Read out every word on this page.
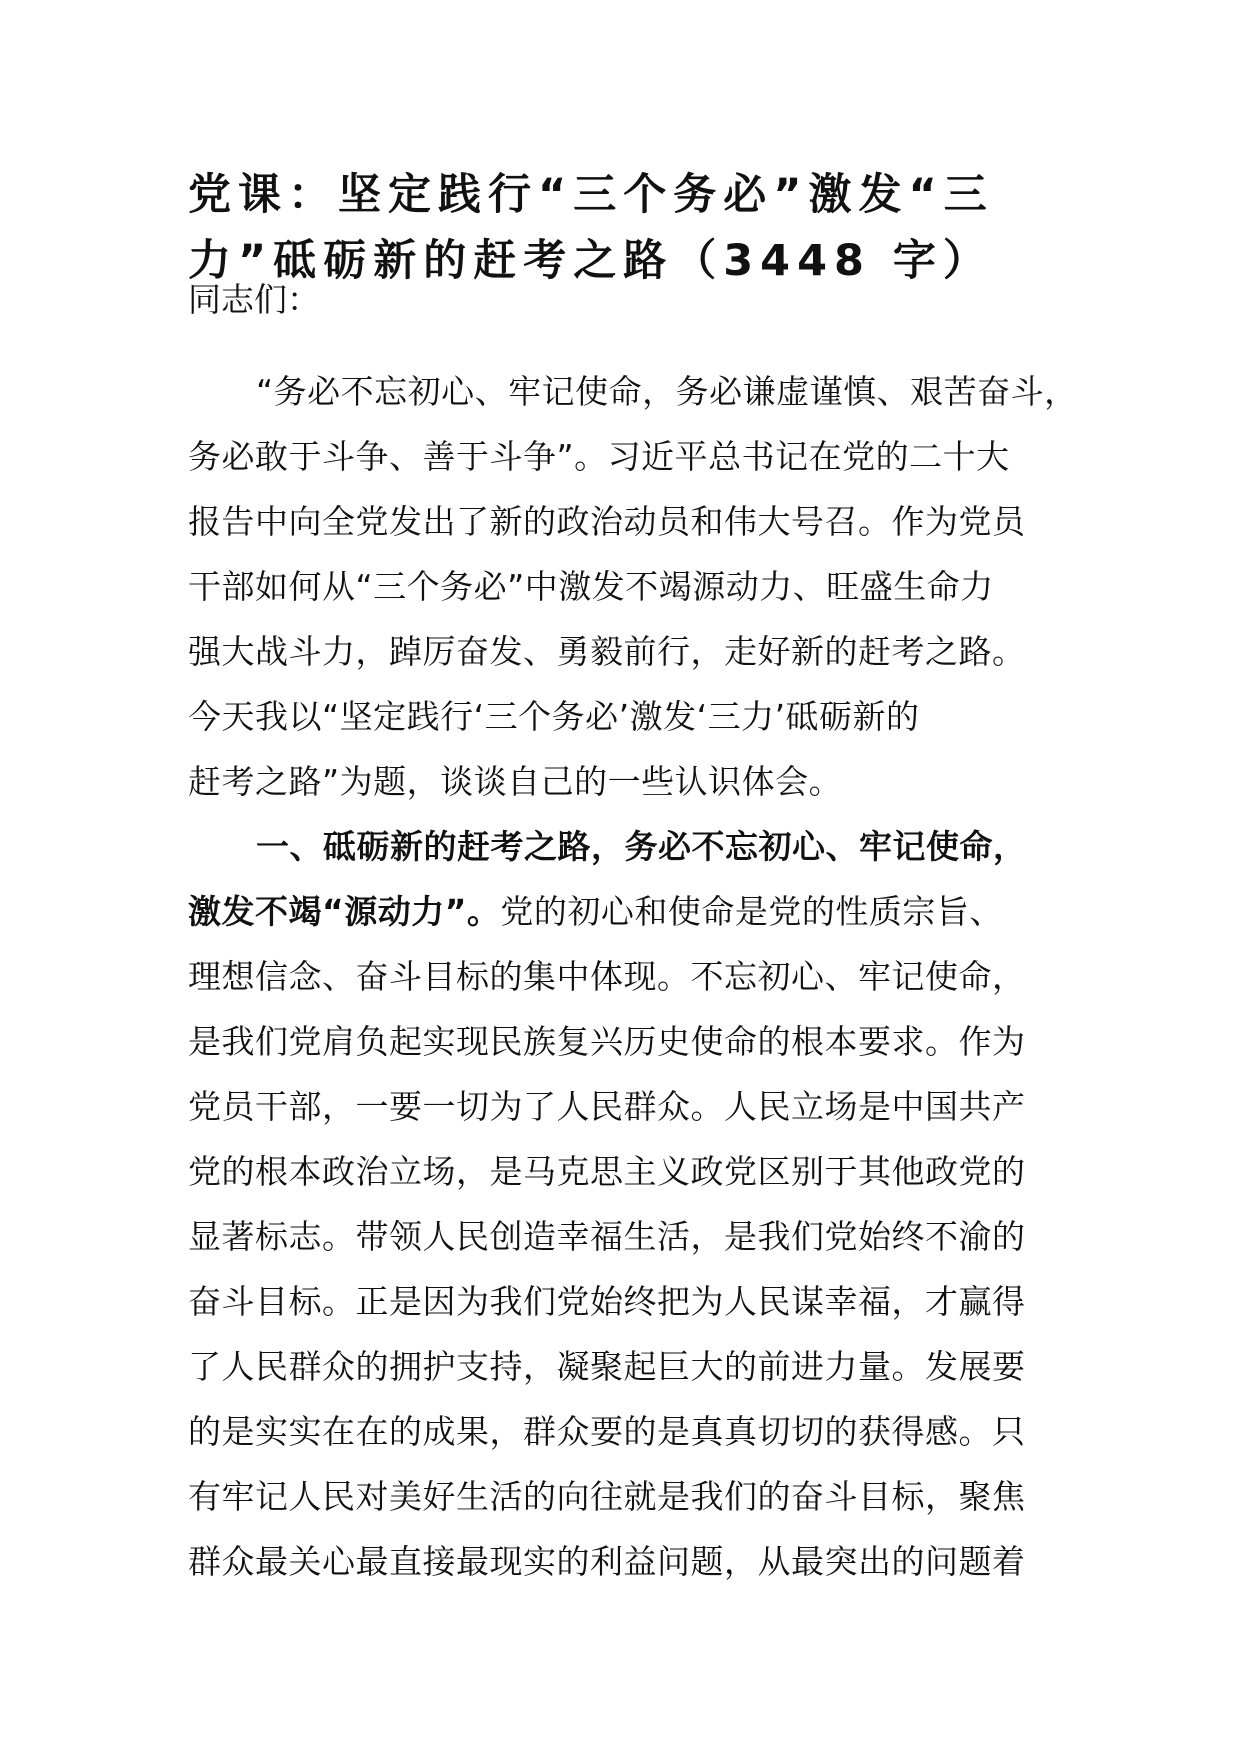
党课：坚定践行“三个务必”激发“三力”砥砺新的赶考之路（3448 字）

同志们：

“务必不忘初心、牢记使命，务必谦虚谨慎、艰苦奋斗，
务必敢于斗争、善于斗争”。习近平总书记在党的二十大
报告中向全党发出了新的政治动员和伟大号召。作为党员
干部如何从“三个务必”中激发不竭源动力、旺盛生命力
强大战斗力，踔厉奋发、勇毅前行，走好新的赶考之路。
今天我以“坚定践行‘三个务必’激发‘三力’砥砺新的
赶考之路”为题，谈谈自己的一些认识体会。
一、砥砺新的赶考之路，务必不忘初心、牢记使命，
激发不竭“源动力”。党的初心和使命是党的性质宗旨、
理想信念、奋斗目标的集中体现。不忘初心、牢记使命，
是我们党肩负起实现民族复兴历史使命的根本要求。作为
党员干部，一要一切为了人民群众。人民立场是中国共产
党的根本政治立场，是马克思主义政党区别于其他政党的
显著标志。带领人民创造幸福生活，是我们党始终不渝的
奋斗目标。正是因为我们党始终把为人民谋幸福，才赢得
了人民群众的拥护支持，凝聚起巨大的前进力量。发展要
的是实实在在的成果，群众要的是真真切切的获得感。只
有牢记人民对美好生活的向往就是我们的奋斗目标，聚焦
群众最关心最直接最现实的利益问题，从最突出的问题着
